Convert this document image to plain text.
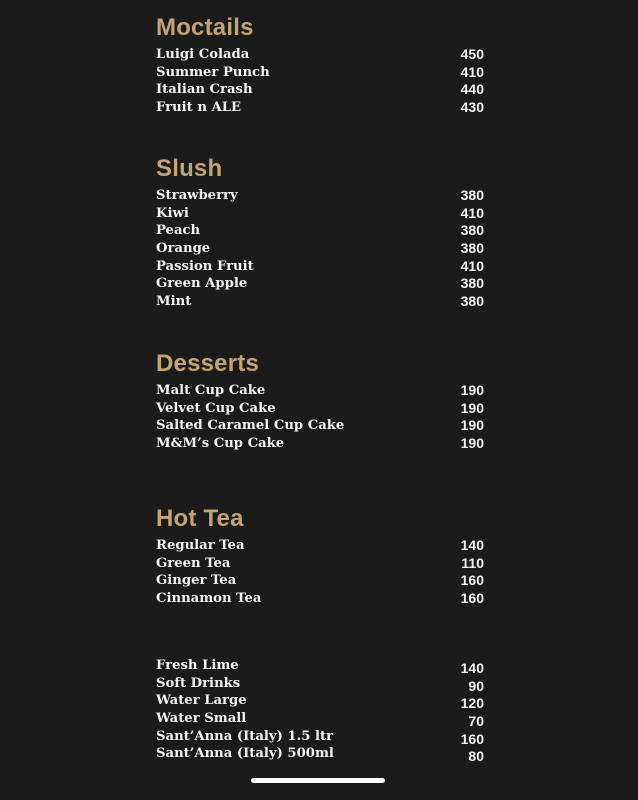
Moctails
Luigi Colada	450
Summer Punch	410
Italian Crash	440
Fruit n ALE	430
Slush
Strawberry	380
Kiwi	410
Peach	380
Orange	380
Passion Fruit	410
Green Apple	380
Mint	380
Desserts
Malt Cup Cake	190
Velvet Cup Cake	190
Salted Caramel Cup Cake	190
M&M’s Cup Cake	190
Hot Tea
Regular Tea	140
Green Tea	110
Ginger Tea	160
Cinnamon Tea	160
Fresh Lime	140
Soft Drinks	90
Water Large	120
Water Small	70
Sant’Anna (Italy) 1.5 ltr	160
Sant’Anna (Italy) 500ml	80
